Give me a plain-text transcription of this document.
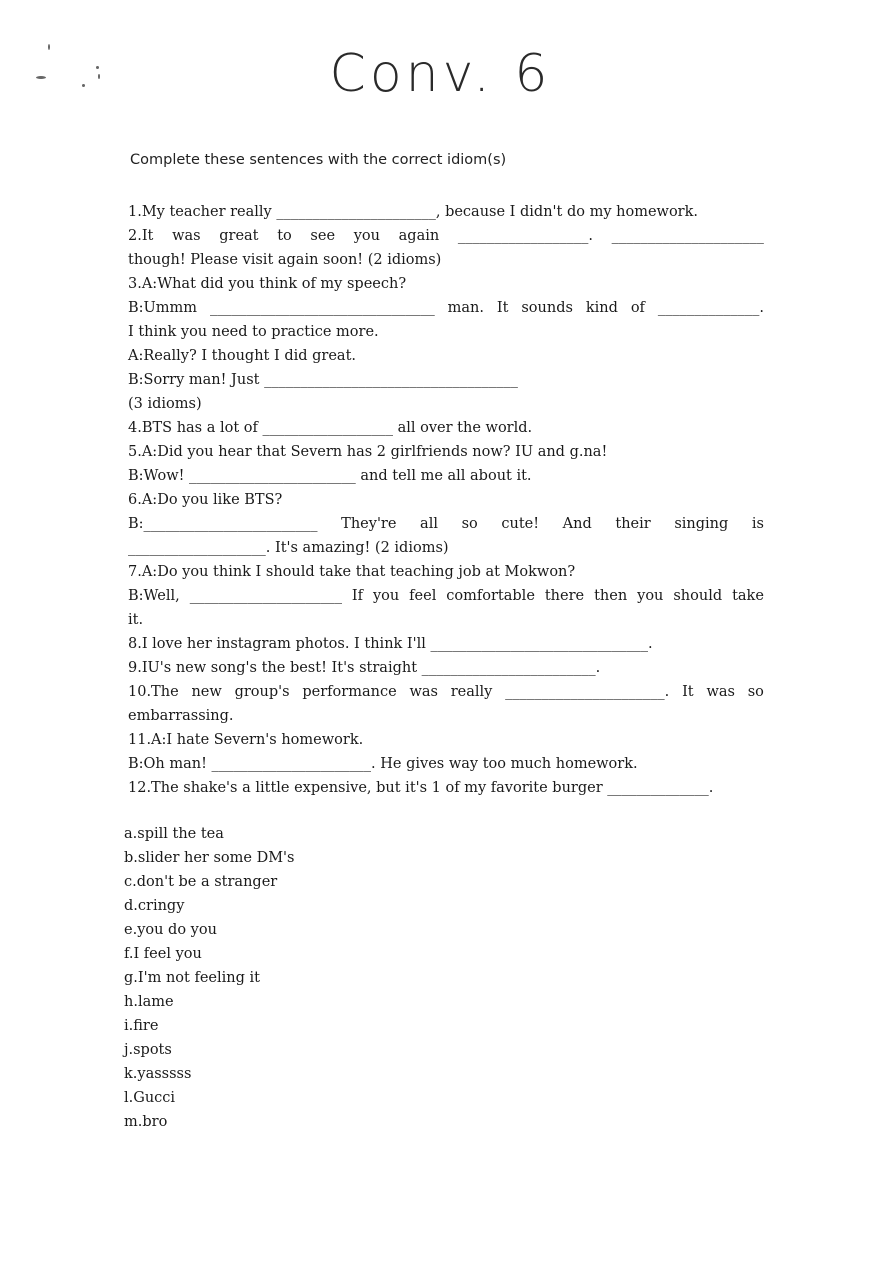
Conv. 6
Complete these sentences with the correct idiom(s)
1.My teacher really ______________________, because I didn't do my homework.
2.It was great to see you again __________________. _____________________
though! Please visit again soon! (2 idioms)
3.A:What did you think of my speech?
B:Ummm _______________________________ man. It sounds kind of ______________.
I think you need to practice more.
A:Really? I thought I did great.
B:Sorry man! Just ___________________________________
(3 idioms)
4.BTS has a lot of __________________ all over the world.
5.A:Did you hear that Severn has 2 girlfriends now? IU and g.na!
B:Wow! _______________________ and tell me all about it.
6.A:Do you like BTS?
B:________________________ They're all so cute! And their singing is
___________________. It's amazing! (2 idioms)
7.A:Do you think I should take that teaching job at Mokwon?
B:Well, _____________________ If you feel comfortable there then you should take
it.
8.I love her instagram photos. I think I'll ______________________________.
9.IU's new song's the best! It's straight ________________________.
10.The new group's performance was really ______________________. It was so
embarrassing.
11.A:I hate Severn's homework.
B:Oh man! ______________________. He gives way too much homework.
12.The shake's a little expensive, but it's 1 of my favorite burger ______________.
a.spill the tea
b.slider her some DM's
c.don't be a stranger
d.cringy
e.you do you
f.I feel you
g.I'm not feeling it
h.lame
i.fire
j.spots
k.yasssss
l.Gucci
m.bro
